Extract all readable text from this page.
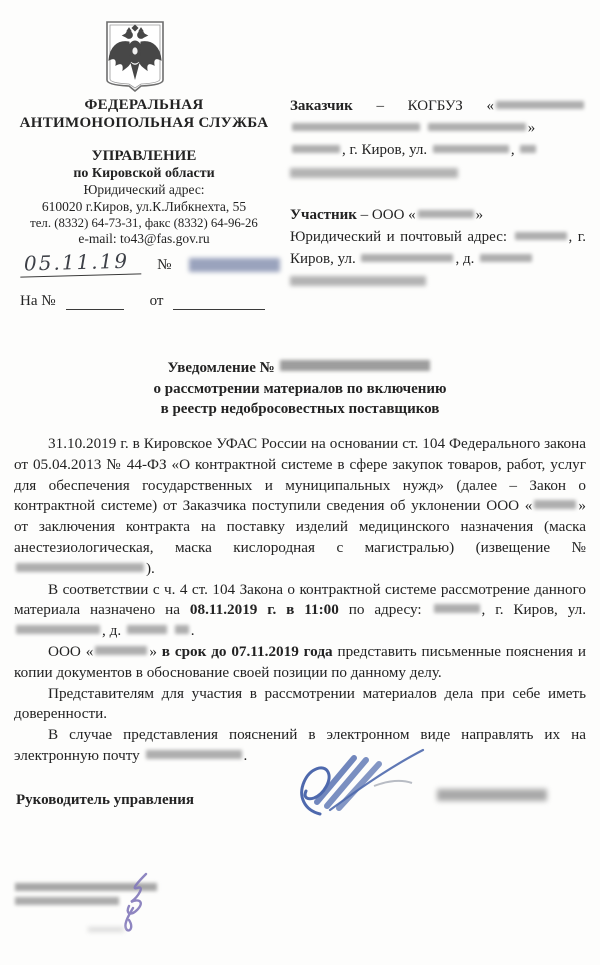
ФЕДЕРАЛЬНАЯ
АНТИМОНОПОЛЬНАЯ СЛУЖБА
УПРАВЛЕНИЕ
по Кировской области
Юридический адрес:
610020 г.Киров, ул.К.Либкнехта, 55
тел. (8332) 64-73-31, факс (8332) 64-96-26
e-mail: to43@fas.gov.ru
05.11.19	№
На №	от
Заказчик – КОГБУЗ «
»
, г. Киров, ул.	,
Участник – ООО «	»

Юридический и почтовый адрес:	, г. Киров, ул.	, д.

Уведомление №
о рассмотрении материалов по включению
в реестр недобросовестных поставщиков

31.10.2019 г. в Кировское УФАС России на основании ст. 104 Федерального закона от 05.04.2013 № 44-ФЗ «О контрактной системе в сфере закупок товаров, работ, услуг для обеспечения государственных и муниципальных нужд» (далее – Закон о контрактной системе) от Заказчика поступили сведения об уклонении ООО «	» от заключения контракта на поставку изделий медицинского назначения (маска анестезиологическая, маска кислородная с магистралью) (извещение № ).

В соответствии с ч. 4 ст. 104 Закона о контрактной системе рассмотрение данного материала назначено на 08.11.2019 г. в 11:00 по адресу:	, г. Киров, ул. , д.	.

ООО «	» в срок до 07.11.2019 года представить письменные пояснения и копии документов в обоснование своей позиции по данному делу.

Представителям для участия в рассмотрении материалов дела при себе иметь доверенности.

В случае представления пояснений в электронном виде направлять их на электронную почту	.

Руководитель управления
